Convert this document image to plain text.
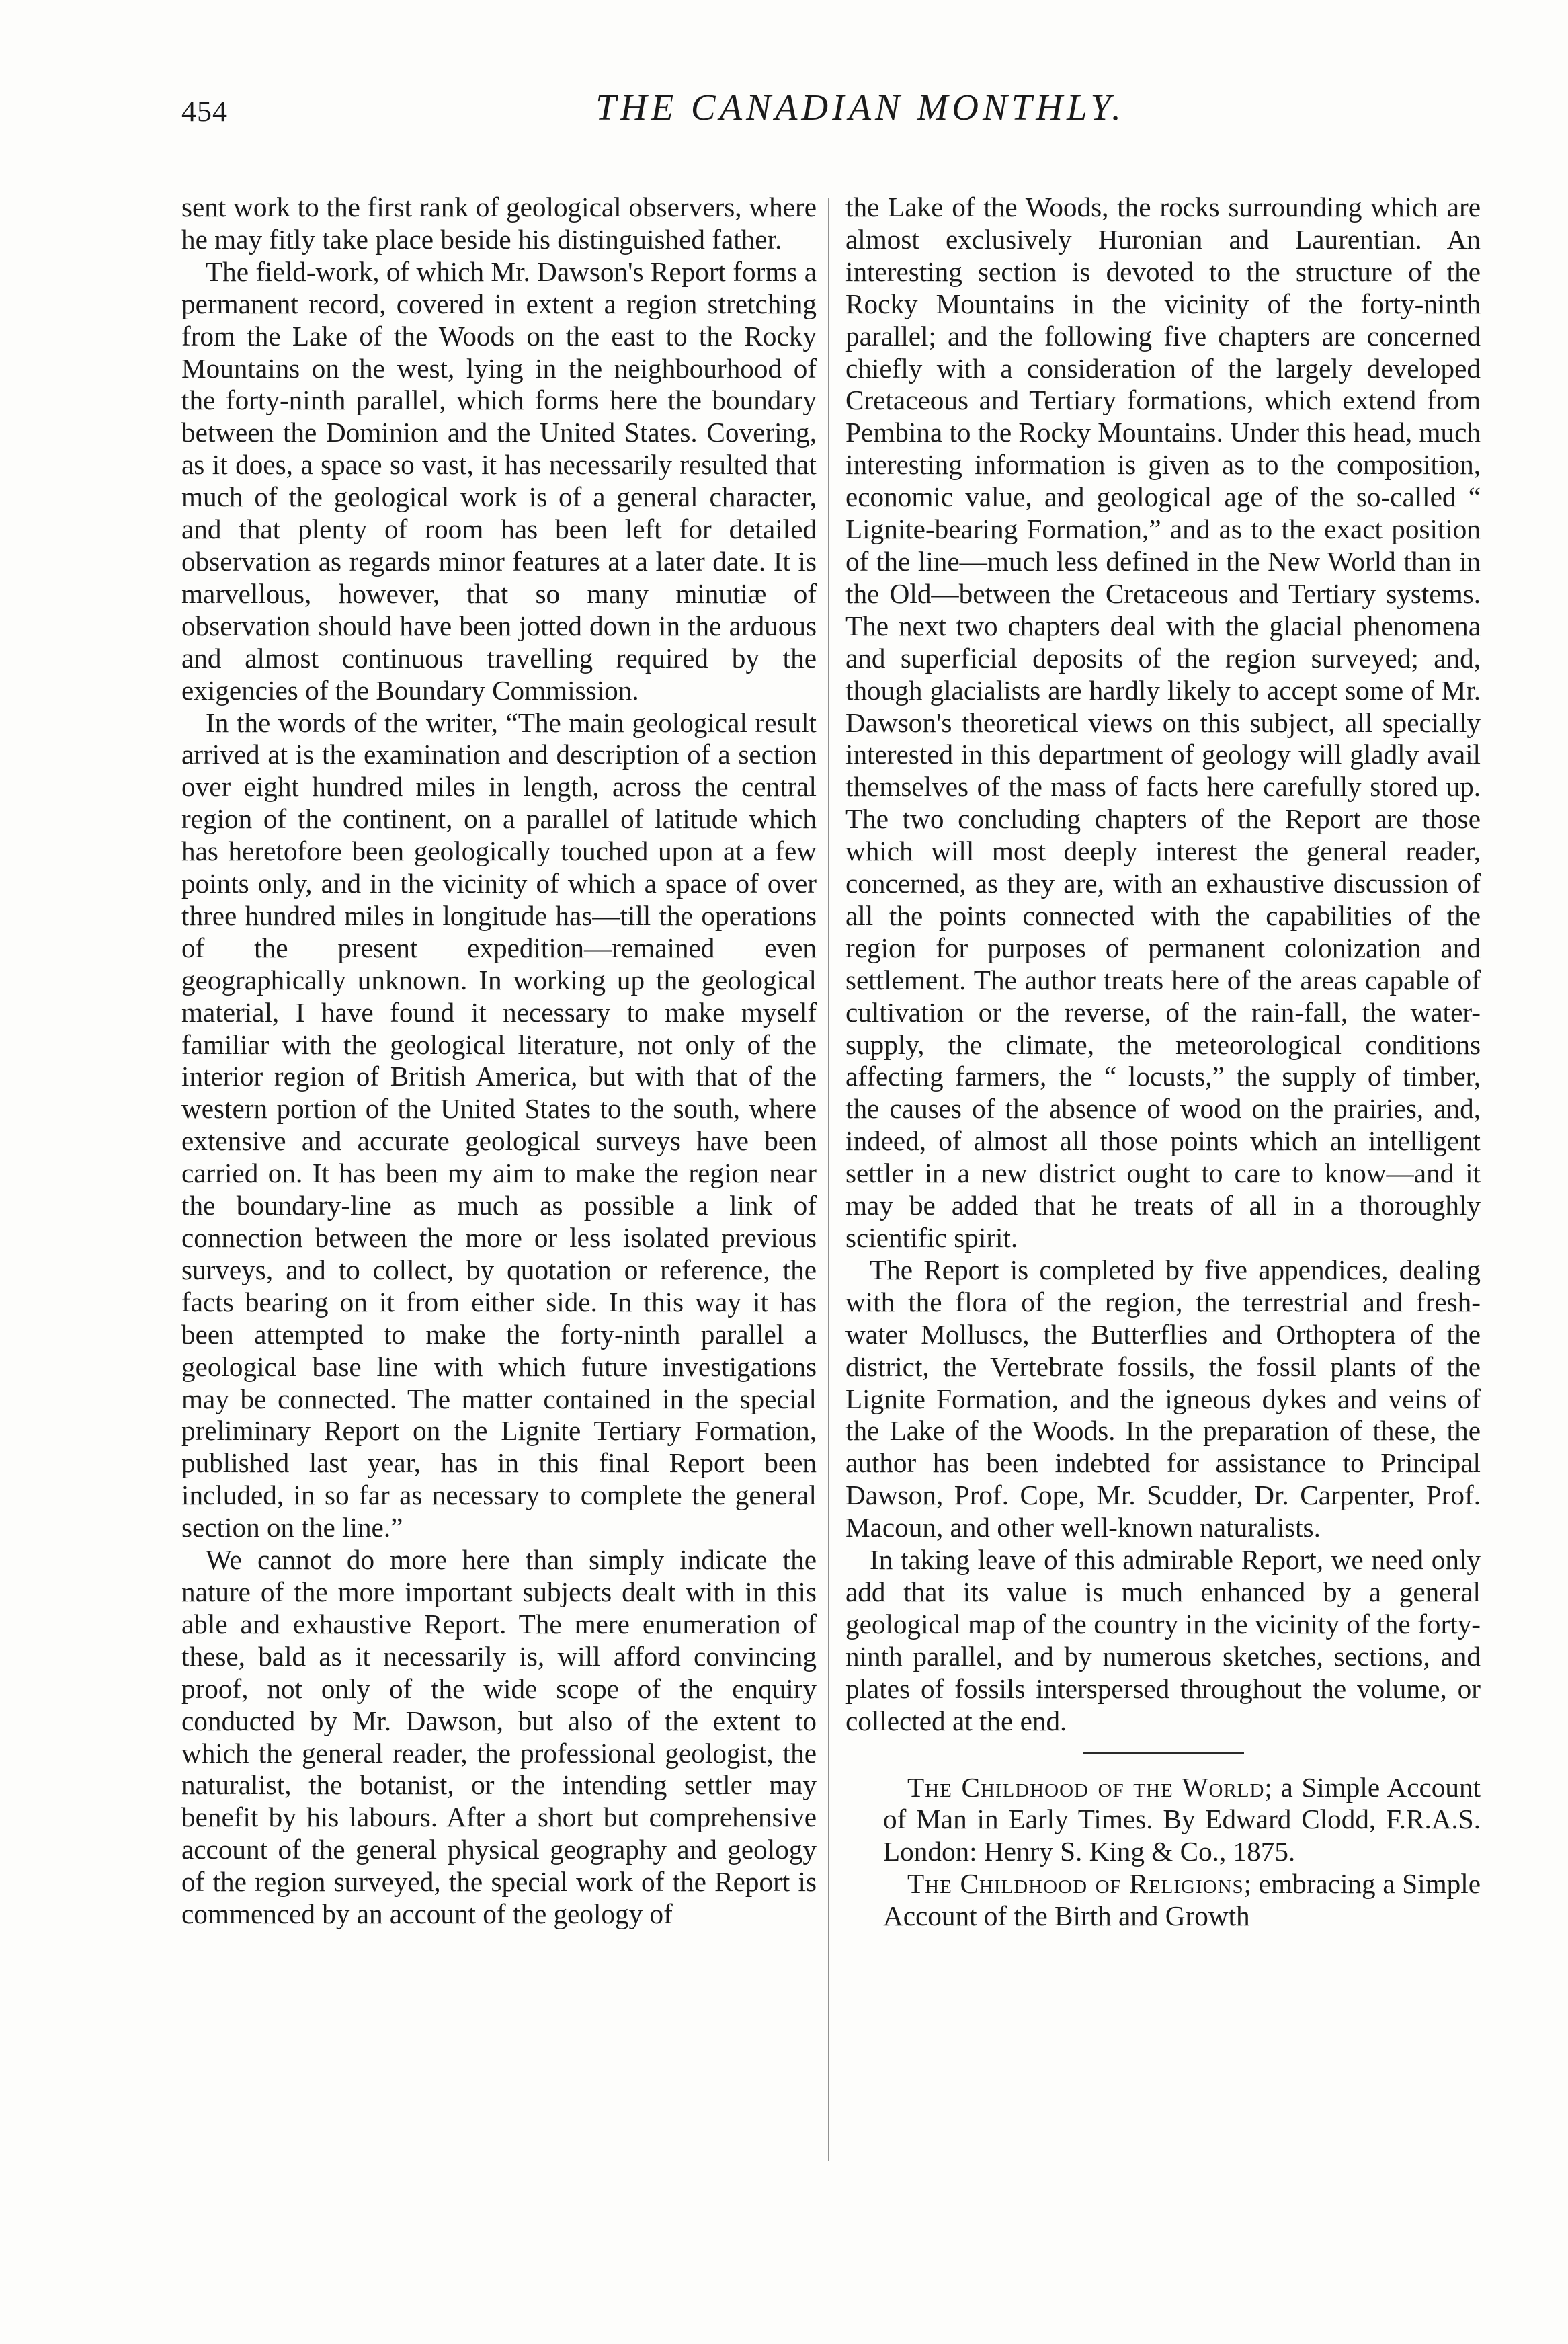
454	THE CANADIAN MONTHLY.

sent work to the first rank of geological observers, where he may fitly take place beside his distinguished father.

The field-work, of which Mr. Dawson's Report forms a permanent record, covered in extent a region stretching from the Lake of the Woods on the east to the Rocky Mountains on the west, lying in the neighbourhood of the forty-ninth parallel, which forms here the boundary between the Dominion and the United States. Covering, as it does, a space so vast, it has necessarily resulted that much of the geological work is of a general character, and that plenty of room has been left for detailed observation as regards minor features at a later date. It is marvellous, however, that so many minutiæ of observation should have been jotted down in the arduous and almost continuous travelling required by the exigencies of the Boundary Commission.

In the words of the writer, “The main geological result arrived at is the examination and description of a section over eight hundred miles in length, across the central region of the continent, on a parallel of latitude which has heretofore been geologically touched upon at a few points only, and in the vicinity of which a space of over three hundred miles in longitude has—till the operations of the present expedition—remained even geographically unknown. In working up the geological material, I have found it necessary to make myself familiar with the geological literature, not only of the interior region of British America, but with that of the western portion of the United States to the south, where extensive and accurate geological surveys have been carried on. It has been my aim to make the region near the boundary-line as much as possible a link of connection between the more or less isolated previous surveys, and to collect, by quotation or reference, the facts bearing on it from either side. In this way it has been attempted to make the forty-ninth parallel a geological base line with which future investigations may be connected. The matter contained in the special preliminary Report on the Lignite Tertiary Formation, published last year, has in this final Report been included, in so far as necessary to complete the general section on the line.”

We cannot do more here than simply indicate the nature of the more important subjects dealt with in this able and exhaustive Report. The mere enumeration of these, bald as it necessarily is, will afford convincing proof, not only of the wide scope of the enquiry conducted by Mr. Dawson, but also of the extent to which the general reader, the professional geologist, the naturalist, the botanist, or the intending settler may benefit by his labours. After a short but comprehensive account of the general physical geography and geology of the region surveyed, the special work of the Report is commenced by an account of the geology of

the Lake of the Woods, the rocks surrounding which are almost exclusively Huronian and Laurentian. An interesting section is devoted to the structure of the Rocky Mountains in the vicinity of the forty-ninth parallel; and the following five chapters are concerned chiefly with a consideration of the largely developed Cretaceous and Tertiary formations, which extend from Pembina to the Rocky Mountains. Under this head, much interesting information is given as to the composition, economic value, and geological age of the so-called “ Lignite-bearing Formation,” and as to the exact position of the line—much less defined in the New World than in the Old—between the Cretaceous and Tertiary systems. The next two chapters deal with the glacial phenomena and superficial deposits of the region surveyed; and, though glacialists are hardly likely to accept some of Mr. Dawson's theoretical views on this subject, all specially interested in this department of geology will gladly avail themselves of the mass of facts here carefully stored up. The two concluding chapters of the Report are those which will most deeply interest the general reader, concerned, as they are, with an exhaustive discussion of all the points connected with the capabilities of the region for purposes of permanent colonization and settlement. The author treats here of the areas capable of cultivation or the reverse, of the rain-fall, the water-supply, the climate, the meteorological conditions affecting farmers, the “ locusts,” the supply of timber, the causes of the absence of wood on the prairies, and, indeed, of almost all those points which an intelligent settler in a new district ought to care to know—and it may be added that he treats of all in a thoroughly scientific spirit.

The Report is completed by five appendices, dealing with the flora of the region, the terrestrial and fresh-water Molluscs, the Butterflies and Orthoptera of the district, the Vertebrate fossils, the fossil plants of the Lignite Formation, and the igneous dykes and veins of the Lake of the Woods. In the preparation of these, the author has been indebted for assistance to Principal Dawson, Prof. Cope, Mr. Scudder, Dr. Carpenter, Prof. Macoun, and other well-known naturalists.

In taking leave of this admirable Report, we need only add that its value is much enhanced by a general geological map of the country in the vicinity of the forty-ninth parallel, and by numerous sketches, sections, and plates of fossils interspersed throughout the volume, or collected at the end.

The Childhood of the World; a Simple Account of Man in Early Times. By Edward Clodd, F.R.A.S. London: Henry S. King & Co., 1875.

The Childhood of Religions; embracing a Simple Account of the Birth and Growth
